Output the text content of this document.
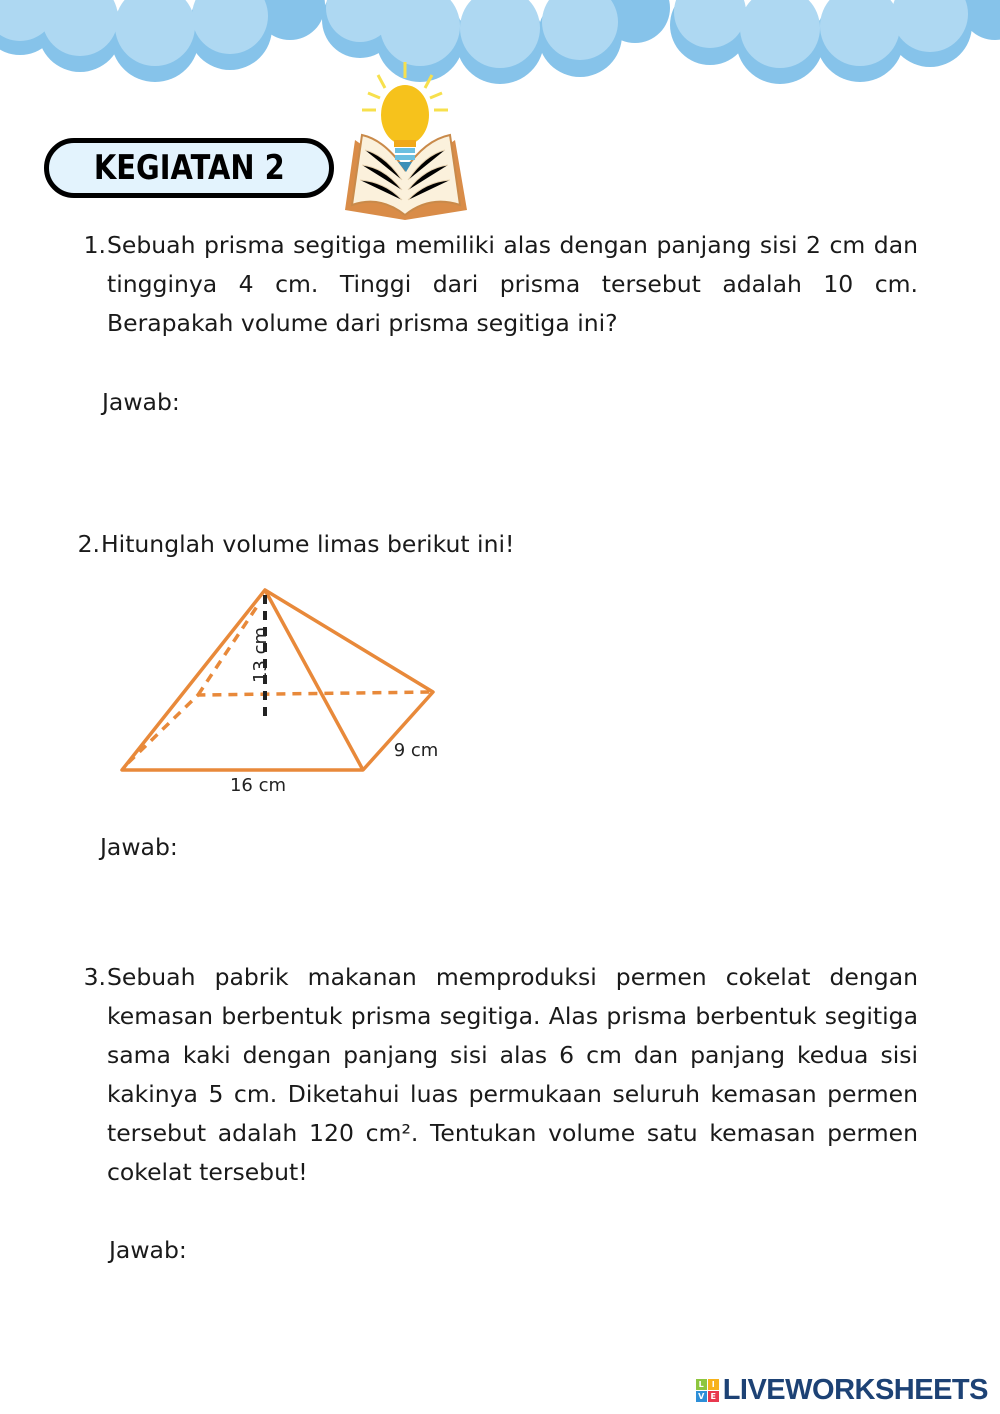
KEGIATAN 2
1. Sebuah prisma segitiga memiliki alas dengan panjang sisi 2 cm dan tingginya 4 cm. Tinggi dari prisma tersebut adalah 10 cm. Berapakah volume dari prisma segitiga ini?
Jawab:
2. Hitunglah volume limas berikut ini!
13 cm
16 cm
9 cm
Jawab:
3. Sebuah pabrik makanan memproduksi permen cokelat dengan kemasan berbentuk prisma segitiga. Alas prisma berbentuk segitiga sama kaki dengan panjang sisi alas 6 cm dan panjang kedua sisi kakinya 5 cm. Diketahui luas permukaan seluruh kemasan permen tersebut adalah 120 cm². Tentukan volume satu kemasan permen cokelat tersebut!
Jawab:
L I
V E LIVEWORKSHEETS
